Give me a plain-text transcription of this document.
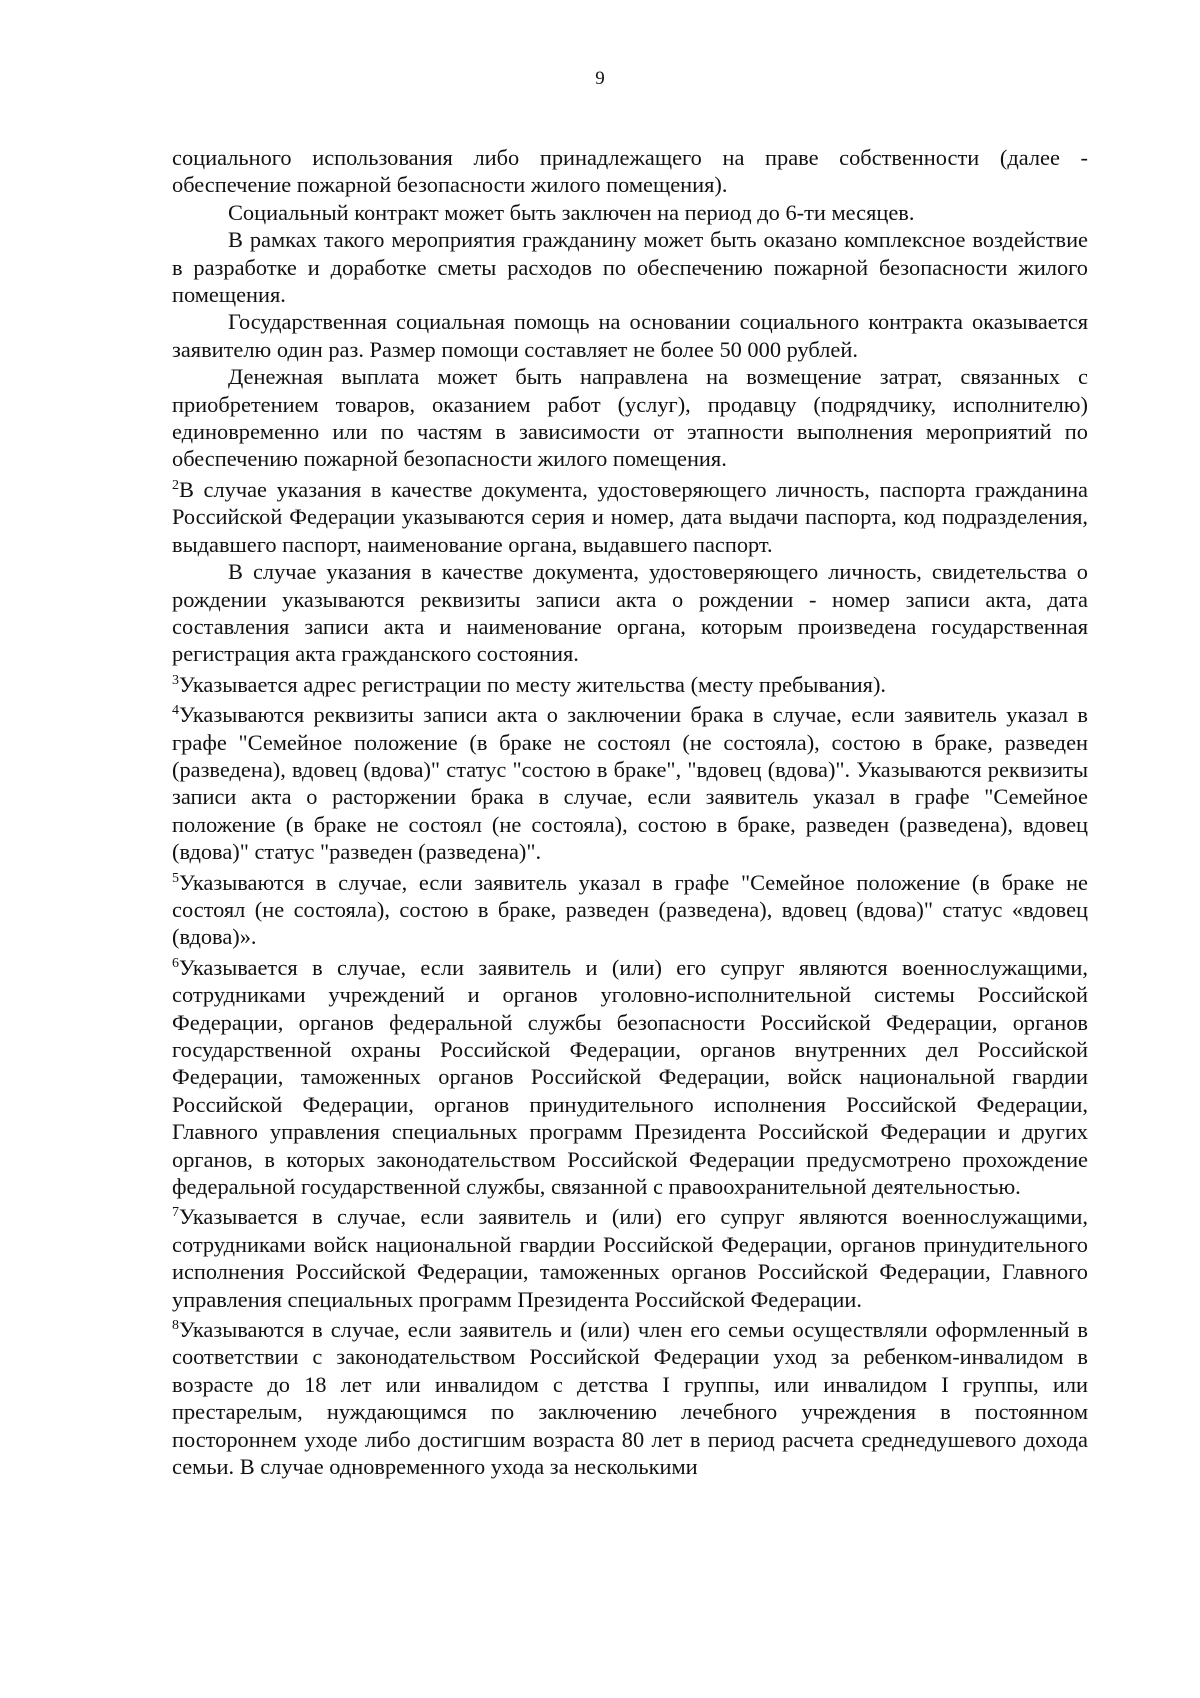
9

социального использования либо принадлежащего на праве собственности (далее - обеспечение пожарной безопасности жилого помещения).

Социальный контракт может быть заключен на период до 6-ти месяцев.

В рамках такого мероприятия гражданину может быть оказано комплексное воздействие в разработке и доработке сметы расходов по обеспечению пожарной безопасности жилого помещения.

Государственная социальная помощь на основании социального контракта оказывается заявителю один раз. Размер помощи составляет не более 50 000 рублей.

Денежная выплата может быть направлена на возмещение затрат, связанных с приобретением товаров, оказанием работ (услуг), продавцу (подрядчику, исполнителю) единовременно или по частям в зависимости от этапности выполнения мероприятий по обеспечению пожарной безопасности жилого помещения.

$^2$В случае указания в качестве документа, удостоверяющего личность, паспорта гражданина Российской Федерации указываются серия и номер, дата выдачи паспорта, код подразделения, выдавшего паспорт, наименование органа, выдавшего паспорт.

В случае указания в качестве документа, удостоверяющего личность, свидетельства о рождении указываются реквизиты записи акта о рождении - номер записи акта, дата составления записи акта и наименование органа, которым произведена государственная регистрация акта гражданского состояния.

$^3$Указывается адрес регистрации по месту жительства (месту пребывания).

$^4$Указываются реквизиты записи акта о заключении брака в случае, если заявитель указал в графе "Семейное положение (в браке не состоял (не состояла), состою в браке, разведен (разведена), вдовец (вдова)" статус "состою в браке", "вдовец (вдова)". Указываются реквизиты записи акта о расторжении брака в случае, если заявитель указал в графе "Семейное положение (в браке не состоял (не состояла), состою в браке, разведен (разведена), вдовец (вдова)" статус "разведен (разведена)".

$^5$Указываются в случае, если заявитель указал в графе "Семейное положение (в браке не состоял (не состояла), состою в браке, разведен (разведена), вдовец (вдова)" статус «вдовец (вдова)».

$^6$Указывается в случае, если заявитель и (или) его супруг являются военнослужащими, сотрудниками учреждений и органов уголовно-исполнительной системы Российской Федерации, органов федеральной службы безопасности Российской Федерации, органов государственной охраны Российской Федерации, органов внутренних дел Российской Федерации, таможенных органов Российской Федерации, войск национальной гвардии Российской Федерации, органов принудительного исполнения Российской Федерации, Главного управления специальных программ Президента Российской Федерации и других органов, в которых законодательством Российской Федерации предусмотрено прохождение федеральной государственной службы, связанной с правоохранительной деятельностью.

$^7$Указывается в случае, если заявитель и (или) его супруг являются военнослужащими, сотрудниками войск национальной гвардии Российской Федерации, органов принудительного исполнения Российской Федерации, таможенных органов Российской Федерации, Главного управления специальных программ Президента Российской Федерации.

$^8$Указываются в случае, если заявитель и (или) член его семьи осуществляли оформленный в соответствии с законодательством Российской Федерации уход за ребенком-инвалидом в возрасте до 18 лет или инвалидом с детства I группы, или инвалидом I группы, или престарелым, нуждающимся по заключению лечебного учреждения в постоянном постороннем уходе либо достигшим возраста 80 лет в период расчета среднедушевого дохода семьи. В случае одновременного ухода за несколькими
